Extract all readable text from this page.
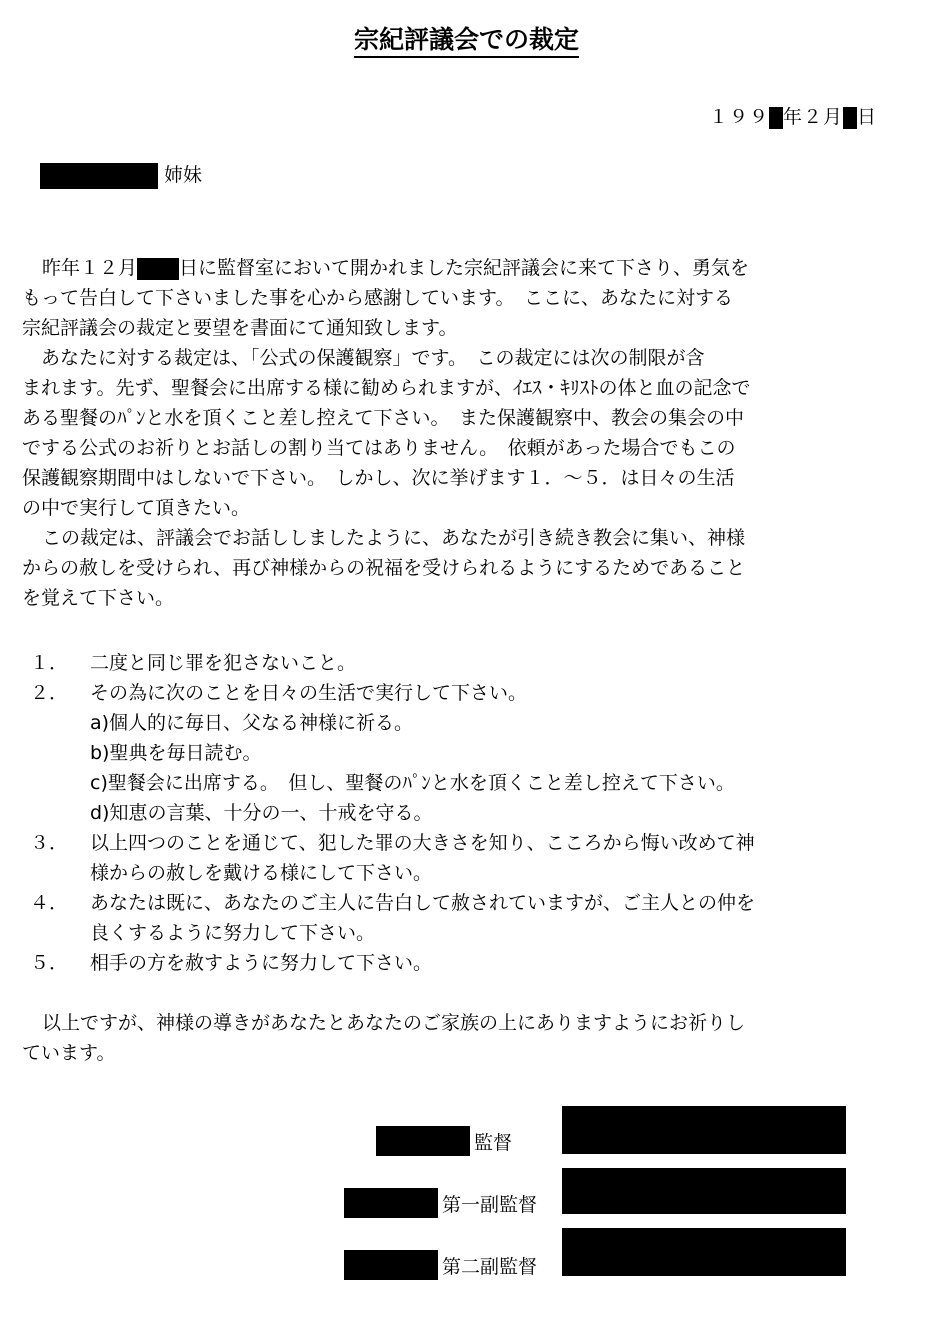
宗紀評議会での裁定
１９９ 年２月 日
姉妹
昨年１２月 日に監督室において開かれました宗紀評議会に来て下さり、勇気を
もって告白して下さいました事を心から感謝しています。　ここに、あなたに対する
宗紀評議会の裁定と要望を書面にて通知致します。
　あなたに対する裁定は、「公式の保護観察」です。　この裁定には次の制限が含
まれます。先ず、聖餐会に出席する様に勧められますが、ｲｴｽ・ｷﾘｽﾄの体と血の記念で
ある聖餐のﾊﾟﾝと水を頂くこと差し控えて下さい。　また保護観察中、教会の集会の中
でする公式のお祈りとお話しの割り当てはありません。　依頼があった場合でもこの
保護観察期間中はしないで下さい。　しかし、次に挙げます１．～５．は日々の生活
の中で実行して頂きたい。
この裁定は、評議会でお話ししましたように、あなたが引き続き教会に集い、神様
からの赦しを受けられ、再び神様からの祝福を受けられるようにするためであること
を覚えて下さい。
１． 二度と同じ罪を犯さないこと。
２． その為に次のことを日々の生活で実行して下さい。
a)個人的に毎日、父なる神様に祈る。
b)聖典を毎日読む。
c)聖餐会に出席する。　但し、聖餐のﾊﾟﾝと水を頂くこと差し控えて下さい。
d)知恵の言葉、十分の一、十戒を守る。
３． 以上四つのことを通じて、犯した罪の大きさを知り、こころから悔い改めて神
様からの赦しを戴ける様にして下さい。
４． あなたは既に、あなたのご主人に告白して赦されていますが、ご主人との仲を
良くするように努力して下さい。
５． 相手の方を赦すように努力して下さい。
以上ですが、神様の導きがあなたとあなたのご家族の上にありますようにお祈りし
ています。
監督
第一副監督
第二副監督
